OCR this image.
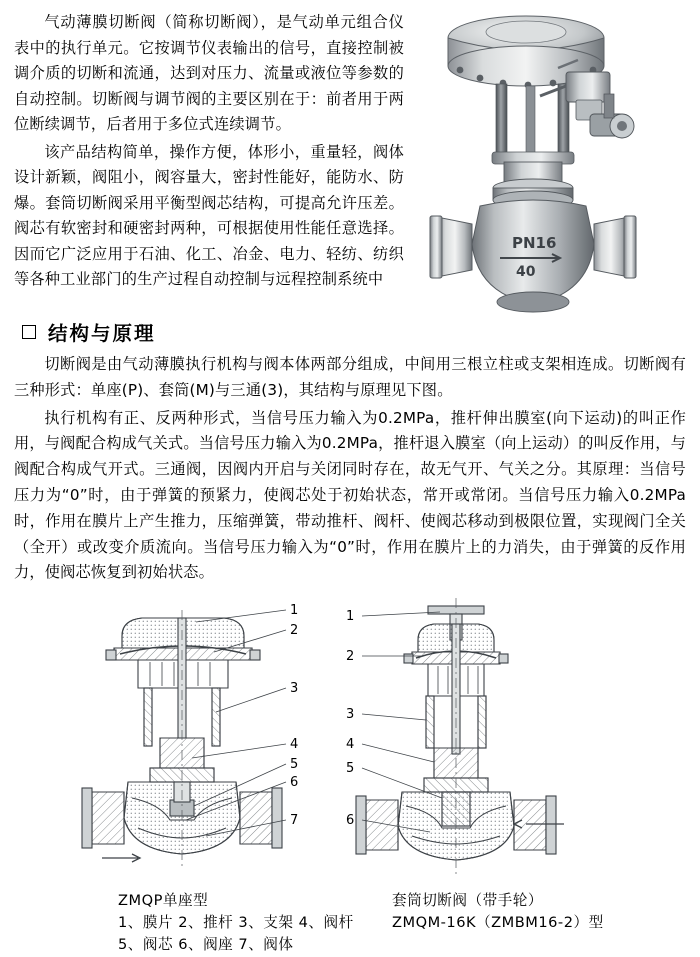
气动薄膜切断阀（简称切断阀），是气动单元组合仪表中的执行单元。它按调节仪表输出的信号，直接控制被调介质的切断和流通，达到对压力、流量或液位等参数的自动控制。切断阀与调节阀的主要区别在于：前者用于两位断续调节，后者用于多位式连续调节。

该产品结构简单，操作方便，体形小，重量轻，阀体设计新颖，阀阻小，阀容量大，密封性能好，能防水、防爆。套筒切断阀采用平衡型阀芯结构，可提高允许压差。阀芯有软密封和硬密封两种，可根据使用性能任意选择。因而它广泛应用于石油、化工、冶金、电力、轻纺、纺织等各种工业部门的生产过程自动控制与远程控制系统中

PN16
40
结构与原理

切断阀是由气动薄膜执行机构与阀本体两部分组成，中间用三根立柱或支架相连成。切断阀有三种形式：单座(P)、套筒(M)与三通(3)，其结构与原理见下图。

执行机构有正、反两种形式，当信号压力输入为0.2MPa，推杆伸出膜室(向下运动)的叫正作用，与阀配合构成气关式。当信号压力输入为0.2MPa，推杆退入膜室（向上运动）的叫反作用，与阀配合构成气开式。三通阀，因阀内开启与关闭同时存在，故无气开、气关之分。其原理：当信号压力为“0”时，由于弹簧的预紧力，使阀芯处于初始状态，常开或常闭。当信号压力输入0.2MPa时，作用在膜片上产生推力，压缩弹簧，带动推杆、阀杆、使阀芯移动到极限位置，实现阀门全关（全开）或改变介质流向。当信号压力输入为“0”时，作用在膜片上的力消失，由于弹簧的反作用力，使阀芯恢复到初始状态。

1
2
3
4
5
6
7
1
2
3
4
5
6
ZMQP单座型
1、膜片 2、推杆 3、支架 4、阀杆
5、阀芯 6、阀座 7、阀体
套筒切断阀（带手轮）
ZMQM-16K（ZMBM16-2）型
